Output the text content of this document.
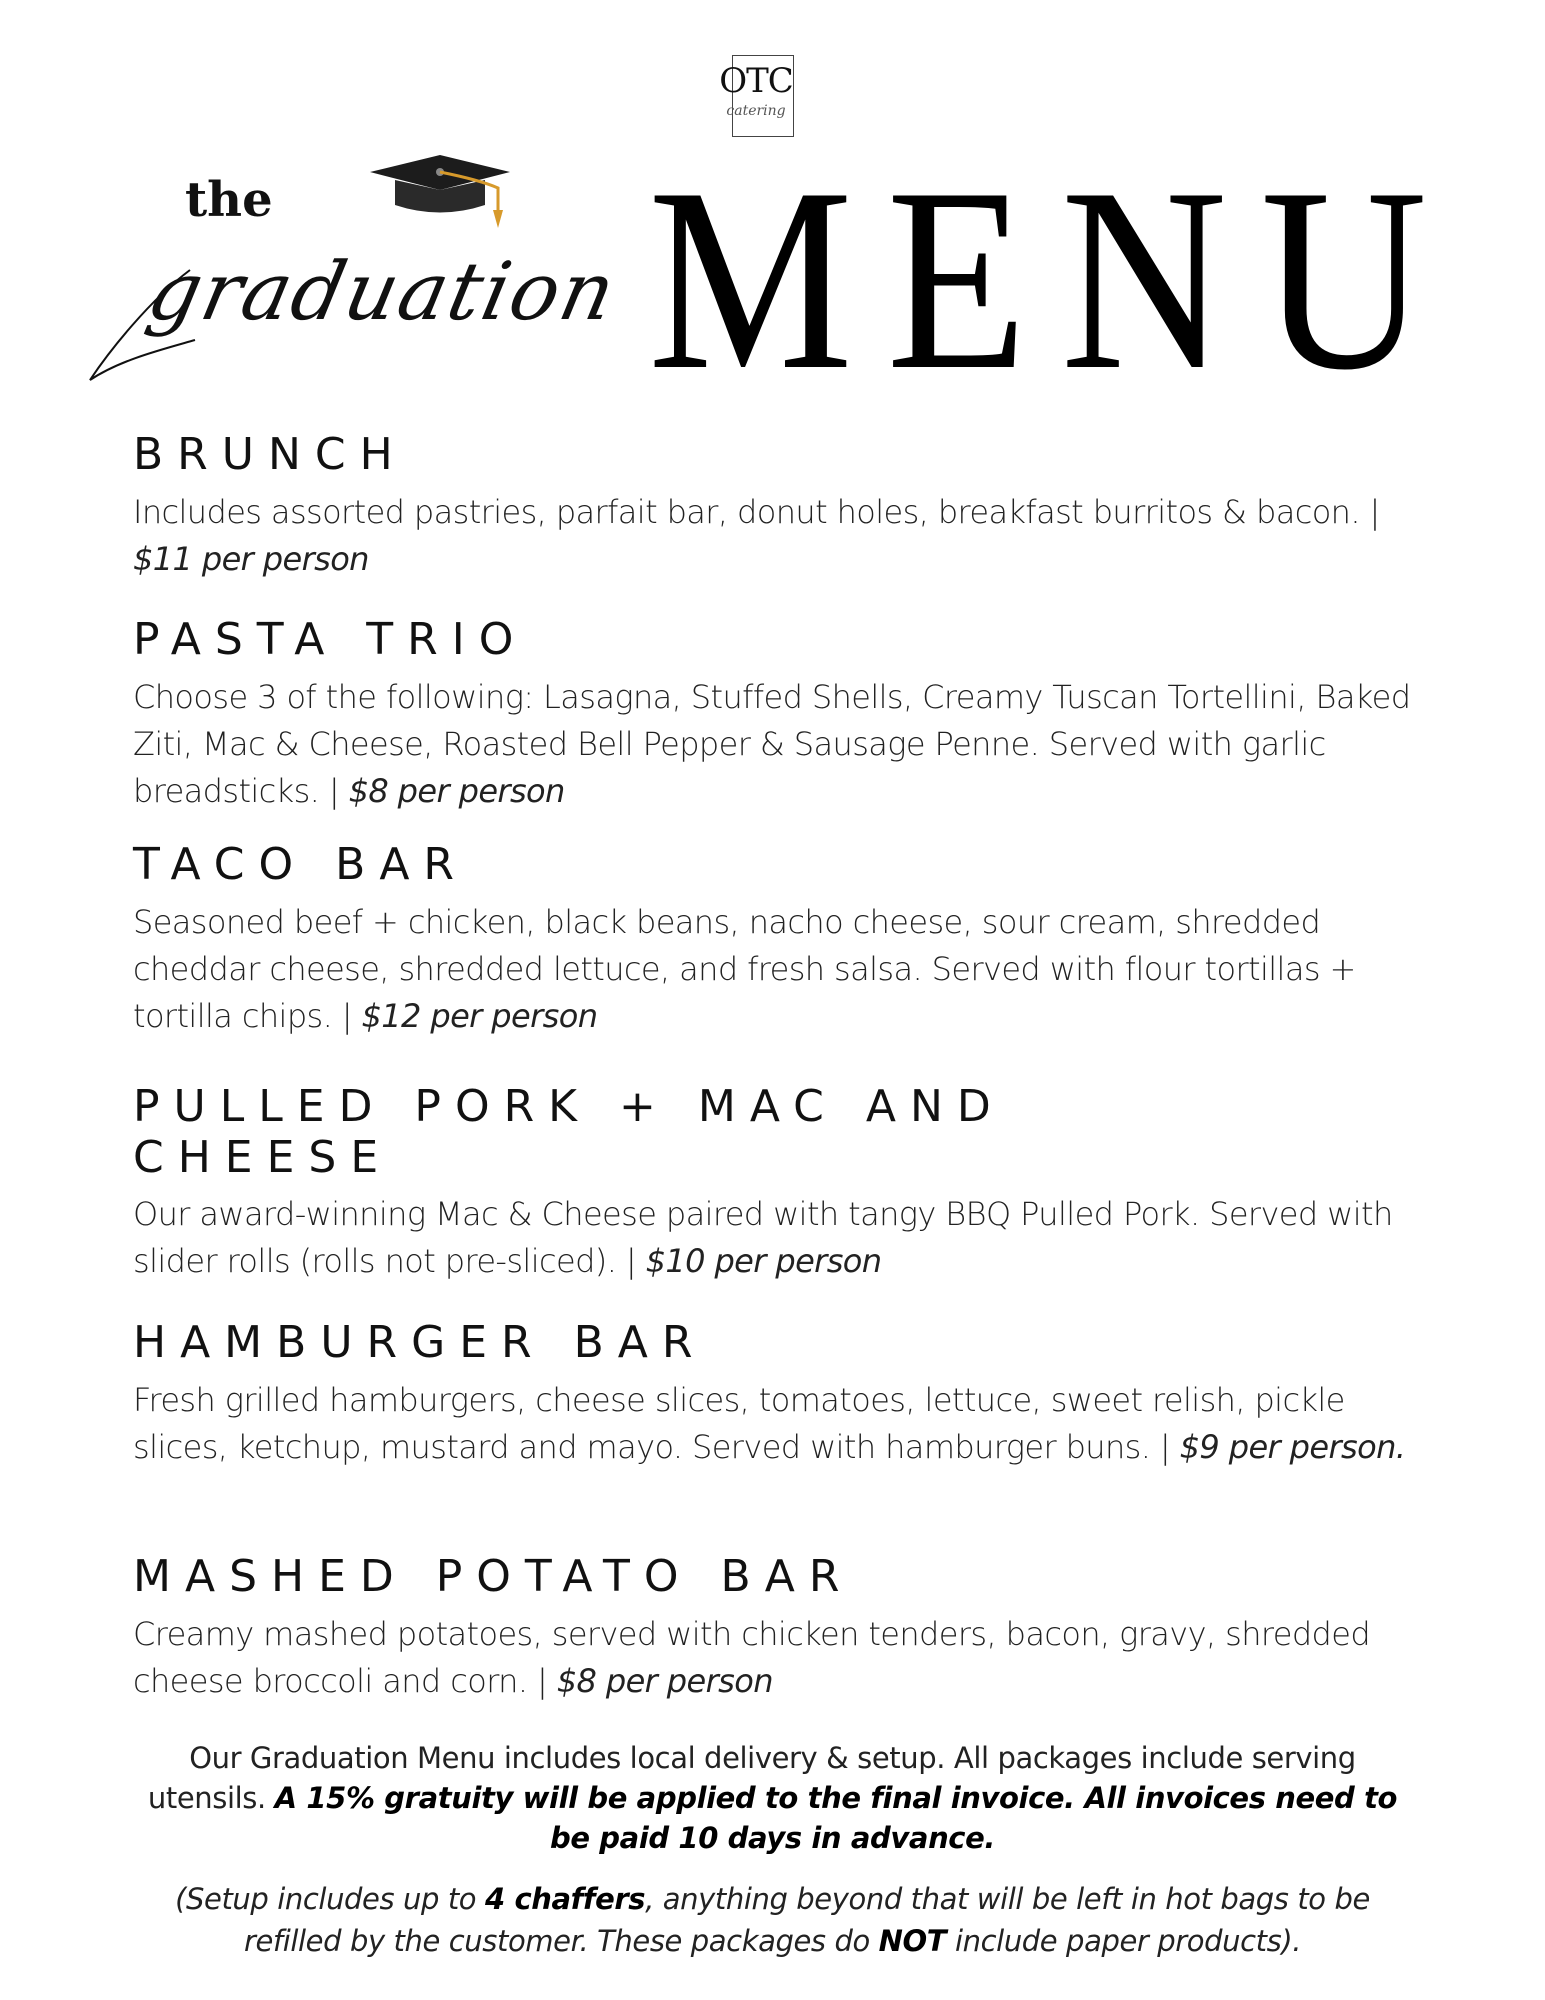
OTC
catering
the
graduation MENU
BRUNCH

Includes assorted pastries, parfait bar, donut holes, breakfast burritos & bacon. | $11 per person

PASTA TRIO

Choose 3 of the following: Lasagna, Stuffed Shells, Creamy Tuscan Tortellini, Baked Ziti, Mac & Cheese, Roasted Bell Pepper & Sausage Penne. Served with garlic breadsticks. | $8 per person

TACO BAR

Seasoned beef + chicken, black beans, nacho cheese, sour cream, shredded cheddar cheese, shredded lettuce, and fresh salsa. Served with flour tortillas + tortilla chips. | $12 per person

PULLED PORK + MAC AND
CHEESE

Our award-winning Mac & Cheese paired with tangy BBQ Pulled Pork. Served with slider rolls (rolls not pre-sliced). | $10 per person

HAMBURGER BAR

Fresh grilled hamburgers, cheese slices, tomatoes, lettuce, sweet relish, pickle slices, ketchup, mustard and mayo. Served with hamburger buns. | $9 per person.

MASHED POTATO BAR

Creamy mashed potatoes, served with chicken tenders, bacon, gravy, shredded cheese broccoli and corn. | $8 per person

Our Graduation Menu includes local delivery & setup. All packages include serving utensils. A 15% gratuity will be applied to the final invoice. All invoices need to be paid 10 days in advance.
(Setup includes up to 4 chaffers, anything beyond that will be left in hot bags to be refilled by the customer. These packages do NOT include paper products).
